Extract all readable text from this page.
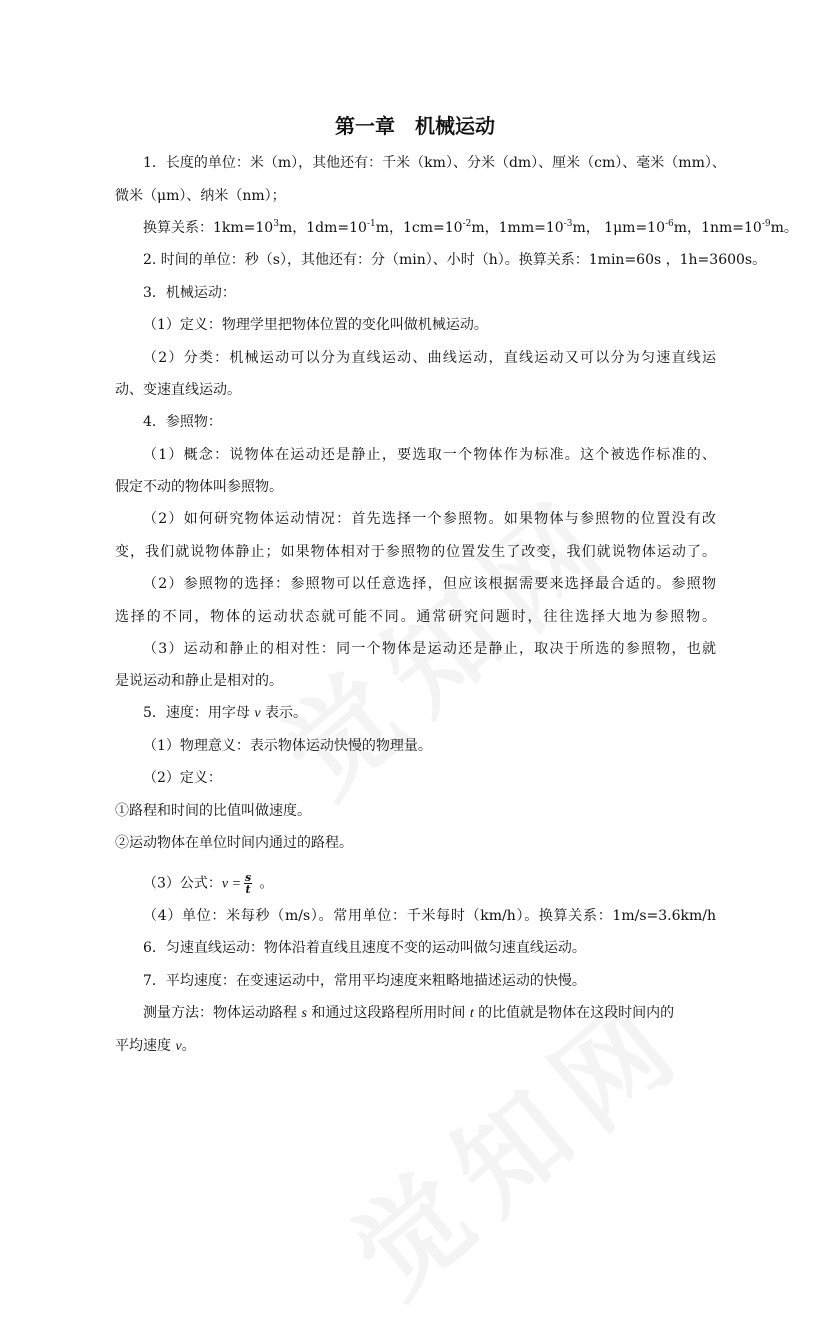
第一章　机械运动
1．长度的单位：米（m），其他还有：千米（km）、分米（dm）、厘米（cm）、毫米（mm）、
微米（μm）、纳米（nm）；
换算关系：$1km=10^3m$，$1dm=10^{-1}m$，$1cm=10^{-2}m$，$1mm=10^{-3}m$， $1\mu m=10^{-6}m$，$1nm=10^{-9}m$。
2. 时间的单位：秒（s），其他还有：分（min）、小时（h）。换算关系：1min=60s ，1h=3600s。
3．机械运动：
（1）定义：物理学里把物体位置的变化叫做机械运动。
（2）分类：机械运动可以分为直线运动、曲线运动，直线运动又可以分为匀速直线运
动、变速直线运动。
4．参照物：
（1）概念：说物体在运动还是静止，要选取一个物体作为标准。这个被选作标准的、
假定不动的物体叫参照物。
（2）如何研究物体运动情况：首先选择一个参照物。如果物体与参照物的位置没有改
变，我们就说物体静止；如果物体相对于参照物的位置发生了改变，我们就说物体运动了。
（2）参照物的选择：参照物可以任意选择，但应该根据需要来选择最合适的。参照物
选择的不同，物体的运动状态就可能不同。通常研究问题时，往往选择大地为参照物。
（3）运动和静止的相对性：同一个物体是运动还是静止，取决于所选的参照物，也就
是说运动和静止是相对的。
5．速度：用字母 v 表示。
（1）物理意义：表示物体运动快慢的物理量。
（2）定义：
①路程和时间的比值叫做速度。
②运动物体在单位时间内通过的路程。
（3）公式：$v = \frac{s}{t}$ 。
（4）单位：米每秒（m/s）。常用单位：千米每时（km/h）。换算关系：1m/s=3.6km/h
6．匀速直线运动：物体沿着直线且速度不变的运动叫做匀速直线运动。
7．平均速度：在变速运动中，常用平均速度来粗略地描述运动的快慢。
测量方法：物体运动路程 s 和通过这段路程所用时间 t 的比值就是物体在这段时间内的
平均速度 v。
